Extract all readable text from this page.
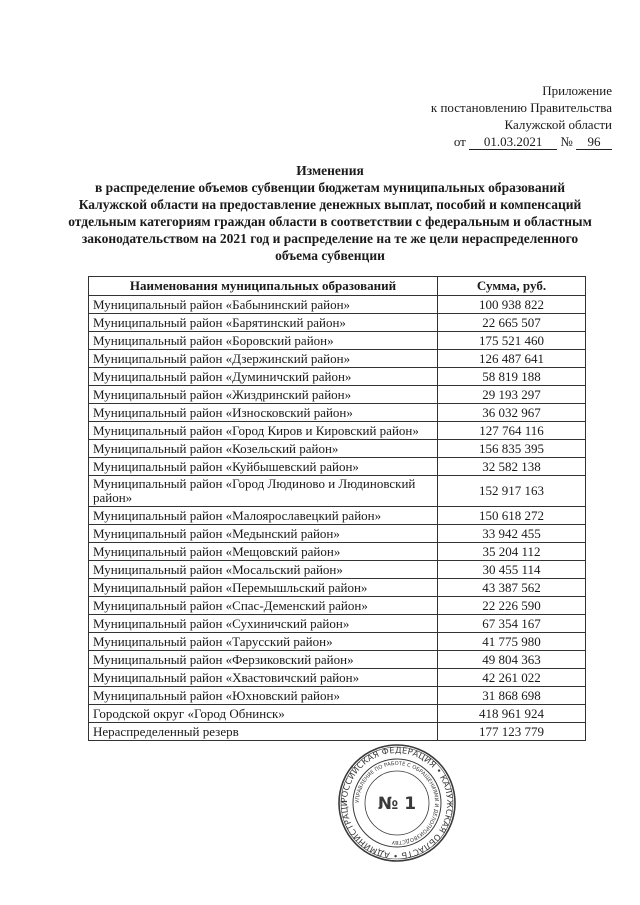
Приложение
к постановлению Правительства
Калужской области
от 01.03.2021 № 96
Изменения
в распределение объемов субвенции бюджетам муниципальных образований Калужской области на предоставление денежных выплат, пособий и компенсаций отдельным категориям граждан области в соответствии с федеральным и областным законодательством на 2021 год и распределение на те же цели нераспределенного объема субвенции
Наименования муниципальных образований	Сумма, руб.
Муниципальный район «Бабынинский район»	100 938 822
Муниципальный район «Барятинский район»	22 665 507
Муниципальный район «Боровский район»	175 521 460
Муниципальный район «Дзержинский район»	126 487 641
Муниципальный район «Думиничский район»	58 819 188
Муниципальный район «Жиздринский район»	29 193 297
Муниципальный район «Износковский район»	36 032 967
Муниципальный район «Город Киров и Кировский район»	127 764 116
Муниципальный район «Козельский район»	156 835 395
Муниципальный район «Куйбышевский район»	32 582 138
Муниципальный район «Город Людиново и Людиновский район»	152 917 163
Муниципальный район «Малоярославецкий район»	150 618 272
Муниципальный район «Медынский район»	33 942 455
Муниципальный район «Мещовский район»	35 204 112
Муниципальный район «Мосальский район»	30 455 114
Муниципальный район «Перемышльский район»	43 387 562
Муниципальный район «Спас-Деменский район»	22 226 590
Муниципальный район «Сухиничский район»	67 354 167
Муниципальный район «Тарусский район»	41 775 980
Муниципальный район «Ферзиковский район»	49 804 363
Муниципальный район «Хвастовичский район»	42 261 022
Муниципальный район «Юхновский район»	31 868 698
Городской округ «Город Обнинск»	418 961 924
Нераспределенный резерв	177 123 779
РОССИЙСКАЯ ФЕДЕРАЦИЯ • КАЛУЖСКАЯ ОБЛАСТЬ • АДМИНИСТРАЦИ	УПРАВЛЕНИЕ ПО РАБОТЕ С ОБРАЩЕНИЯМИ И ДЕЛОПРОИЗВОДСТВУ
№ 1
